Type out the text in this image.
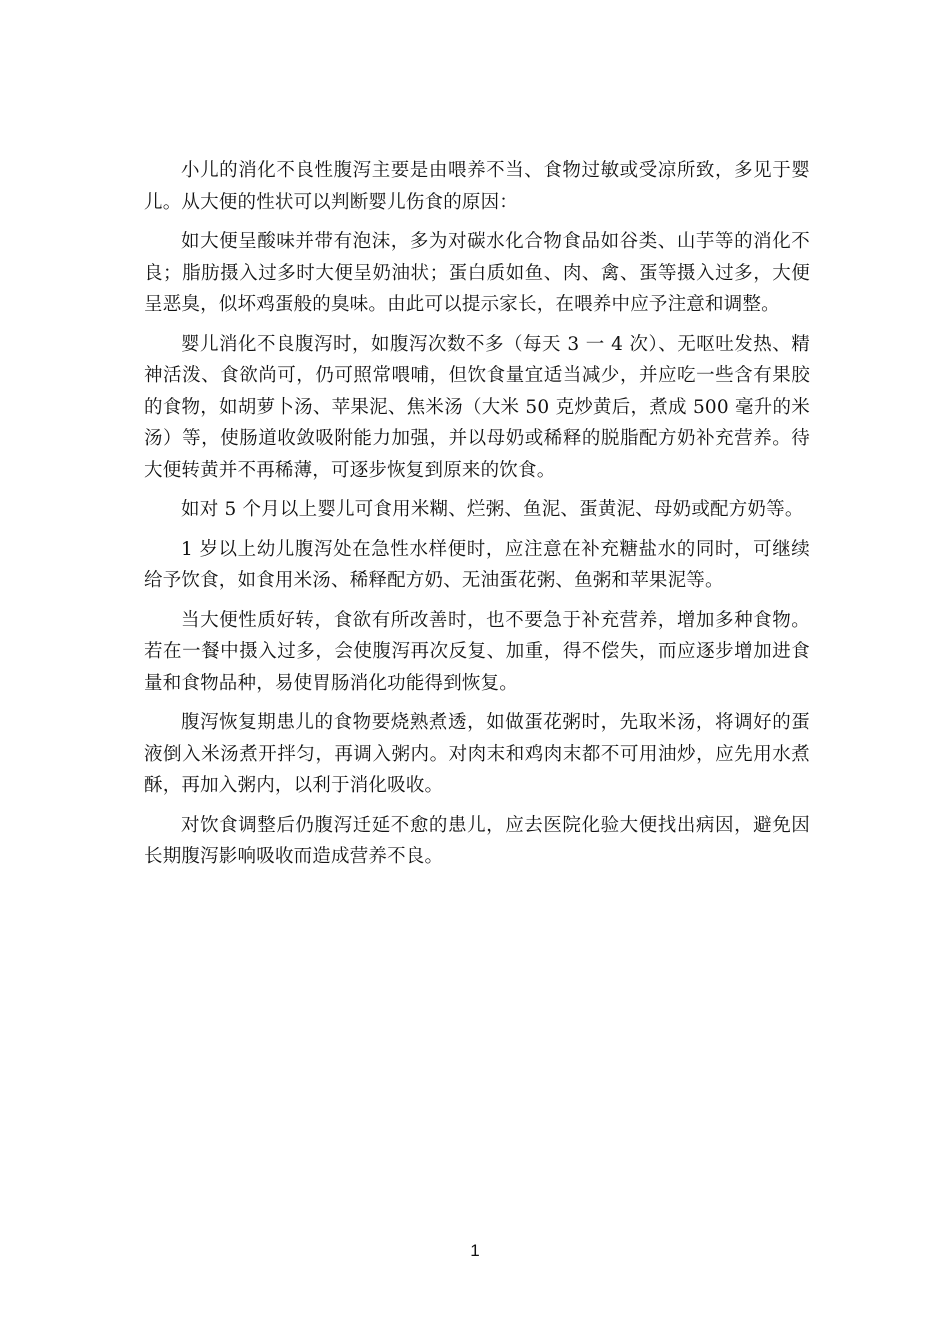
小儿的消化不良性腹泻主要是由喂养不当、食物过敏或受凉所致，多见于婴儿。从大便的性状可以判断婴儿伤食的原因：

如大便呈酸味并带有泡沫，多为对碳水化合物食品如谷类、山芋等的消化不良；脂肪摄入过多时大便呈奶油状；蛋白质如鱼、肉、禽、蛋等摄入过多，大便呈恶臭，似坏鸡蛋般的臭味。由此可以提示家长，在喂养中应予注意和调整。

婴儿消化不良腹泻时，如腹泻次数不多（每天 3 一 4 次）、无呕吐发热、精神活泼、食欲尚可，仍可照常喂哺，但饮食量宜适当减少，并应吃一些含有果胶的食物，如胡萝卜汤、苹果泥、焦米汤（大米 50 克炒黄后，煮成 500 毫升的米汤）等，使肠道收敛吸附能力加强，并以母奶或稀释的脱脂配方奶补充营养。待大便转黄并不再稀薄，可逐步恢复到原来的饮食。

如对 5 个月以上婴儿可食用米糊、烂粥、鱼泥、蛋黄泥、母奶或配方奶等。

1 岁以上幼儿腹泻处在急性水样便时，应注意在补充糖盐水的同时，可继续给予饮食，如食用米汤、稀释配方奶、无油蛋花粥、鱼粥和苹果泥等。

当大便性质好转，食欲有所改善时，也不要急于补充营养，增加多种食物。若在一餐中摄入过多，会使腹泻再次反复、加重，得不偿失，而应逐步增加进食量和食物品种，易使胃肠消化功能得到恢复。

腹泻恢复期患儿的食物要烧熟煮透，如做蛋花粥时，先取米汤，将调好的蛋液倒入米汤煮开拌匀，再调入粥内。对肉末和鸡肉末都不可用油炒，应先用水煮酥，再加入粥内，以利于消化吸收。

对饮食调整后仍腹泻迁延不愈的患儿，应去医院化验大便找出病因，避免因长期腹泻影响吸收而造成营养不良。

1
